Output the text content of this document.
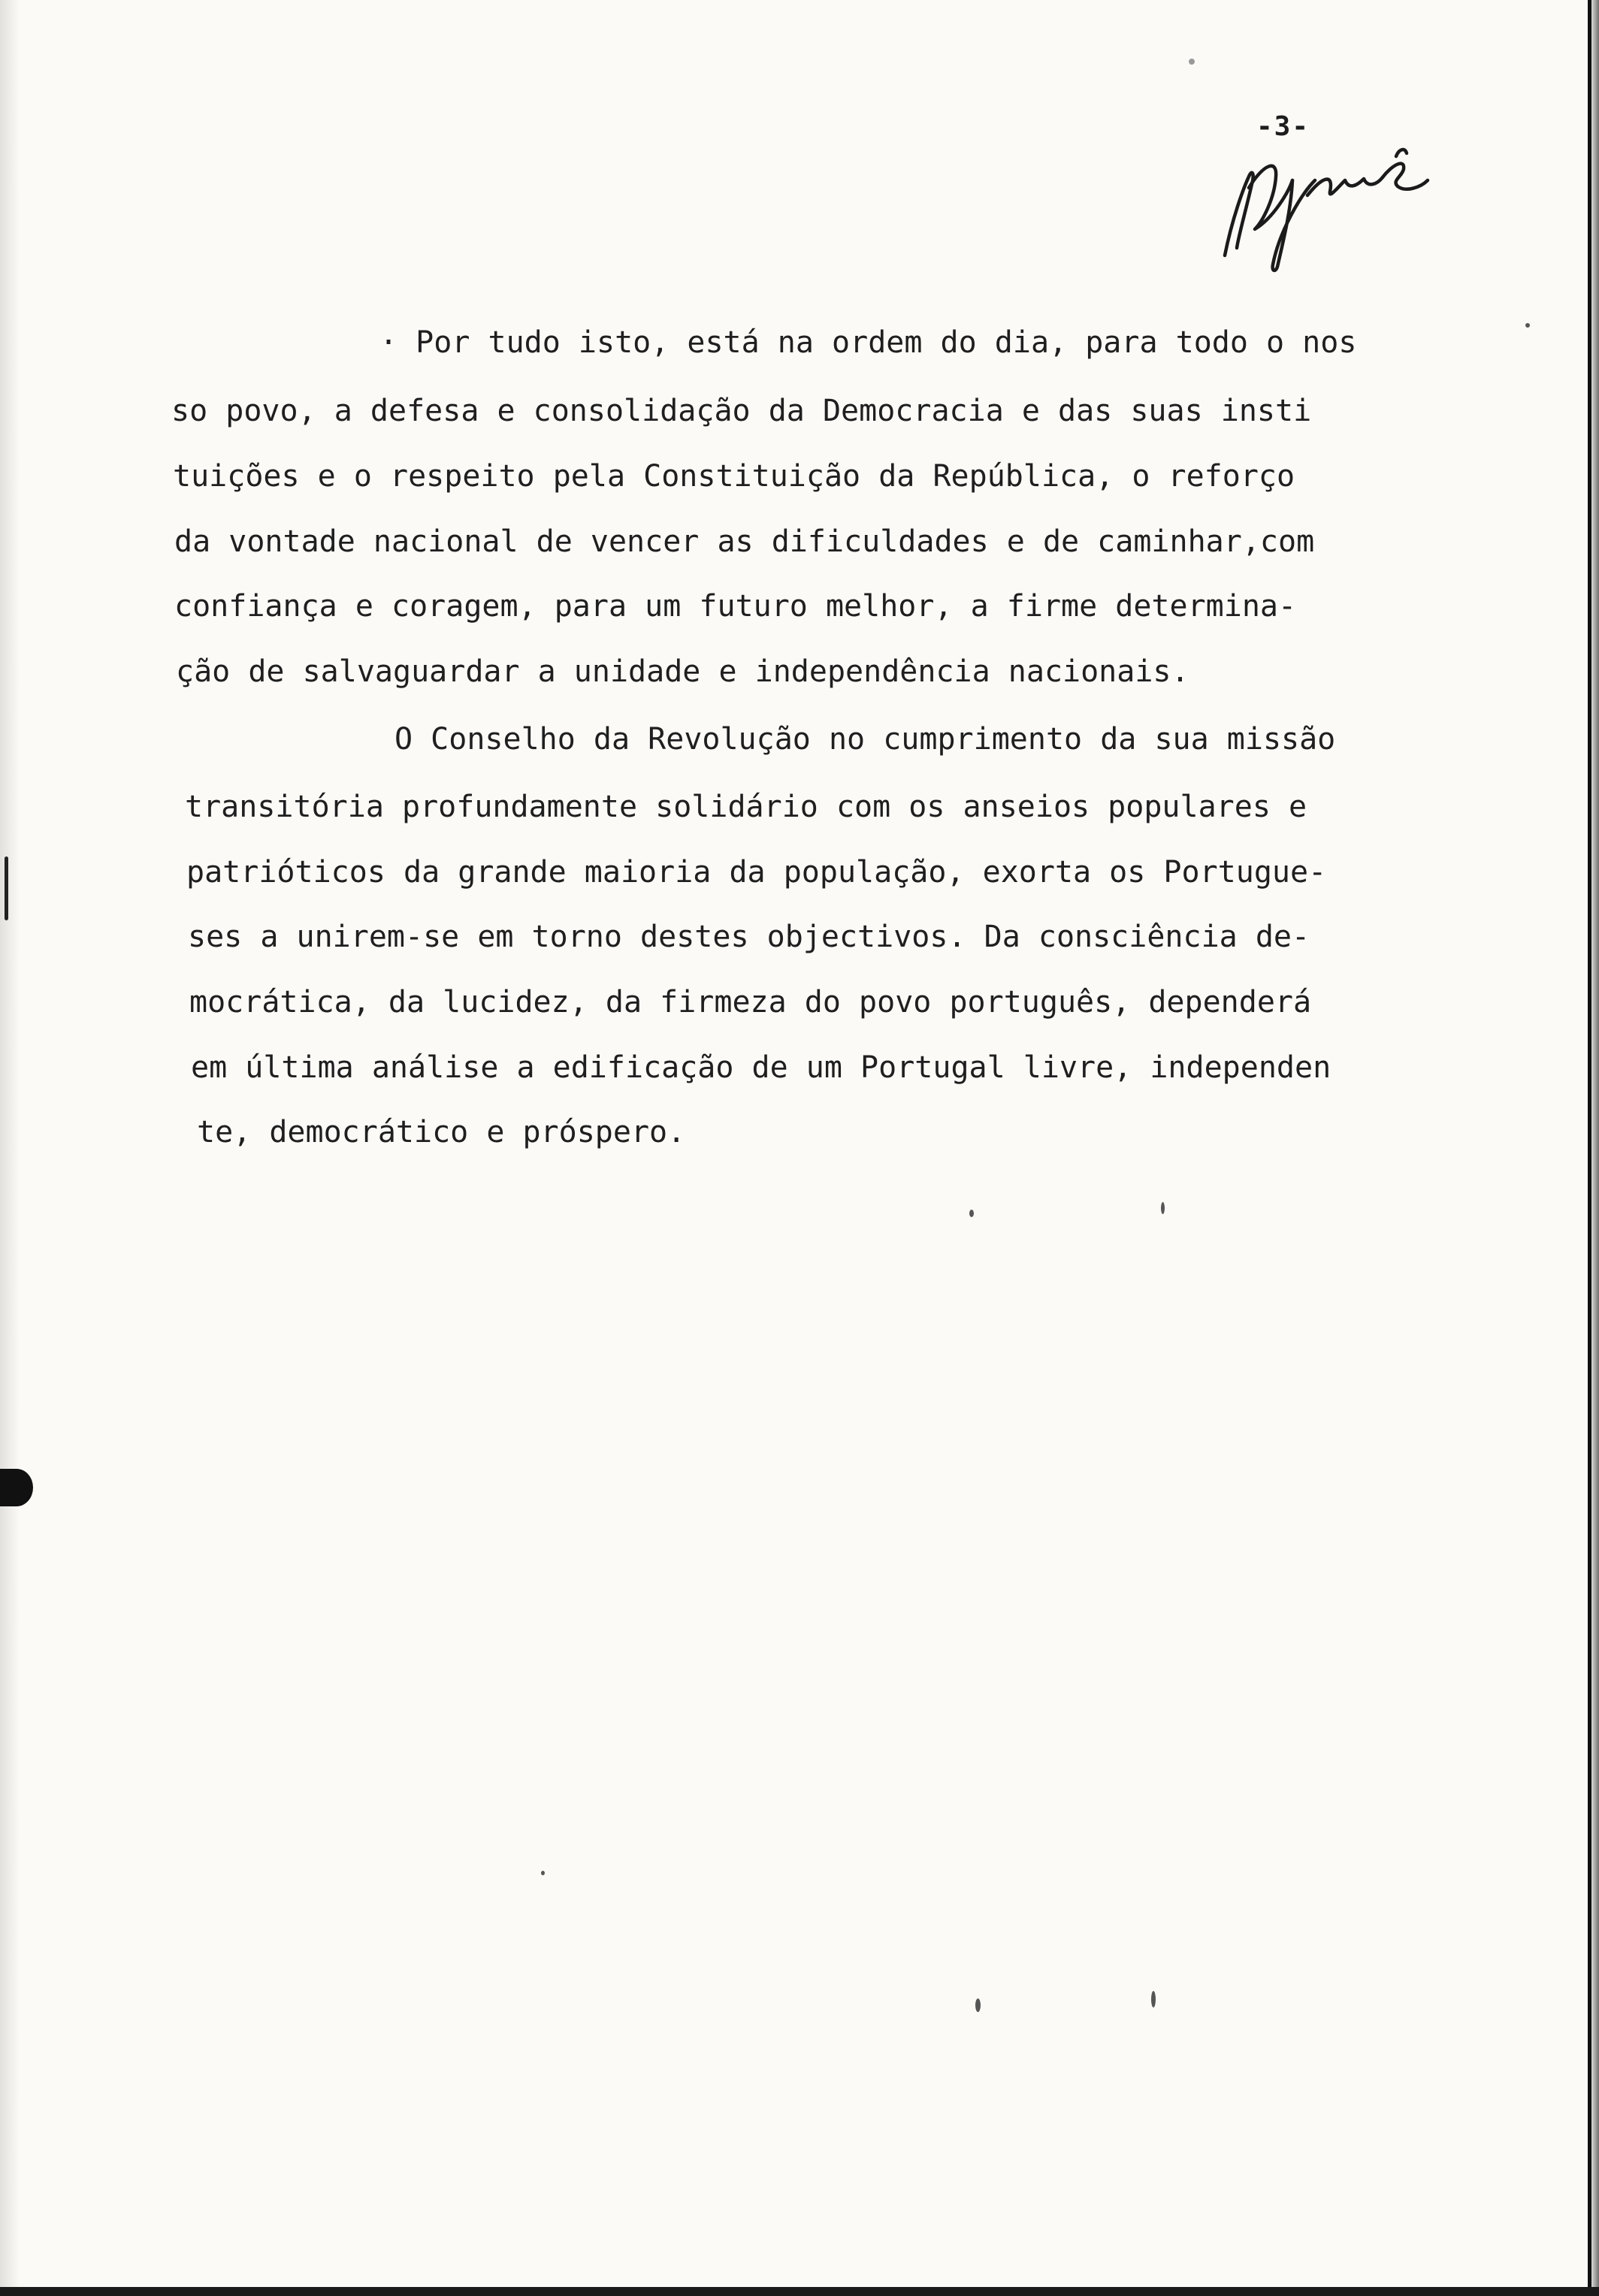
-3-

· Por tudo isto, está na ordem do dia, para todo o nos

so povo, a defesa e consolidação da Democracia e das suas insti

tuições e o respeito pela Constituição da República, o reforço

da vontade nacional de vencer as dificuldades e de caminhar,com

confiança e coragem, para um futuro melhor, a firme determina-

ção de salvaguardar a unidade e independência nacionais.

O Conselho da Revolução no cumprimento da sua missão

transitória profundamente solidário com os anseios populares e

patrióticos da grande maioria da população, exorta os Portugue-

ses a unirem-se em torno destes objectivos. Da consciência de-

mocrática, da lucidez, da firmeza do povo português, dependerá

em última análise a edificação de um Portugal livre, independen

te, democrático e próspero.
